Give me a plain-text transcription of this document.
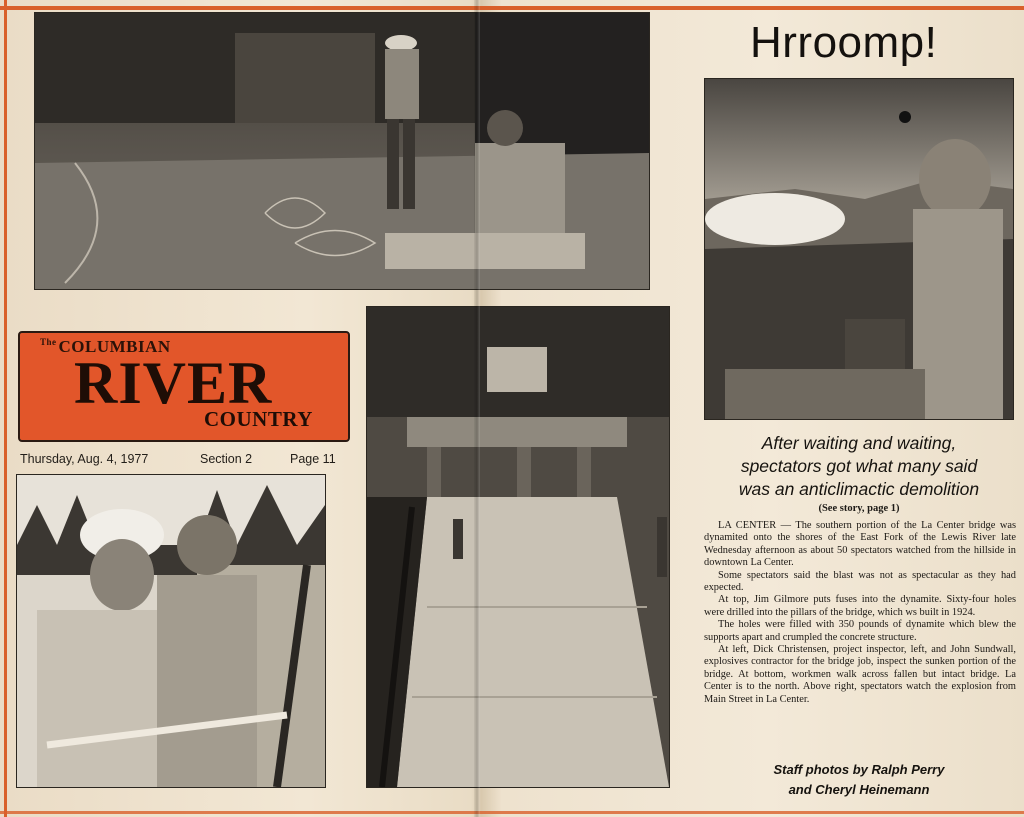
$^{The}$ COLUMBIAN
RIVER
COUNTRY
Thursday, Aug. 4, 1977	Section 2	Page 11
Hrroomp!
After waiting and waiting,
spectators got what many said
was an anticlimactic demolition
(See story, page 1)

LA CENTER — The southern portion of the La Center bridge was dynamited onto the shores of the East Fork of the Lewis River late Wednesday afternoon as about 50 spectators watched from the hillside in downtown La Center.

Some spectators said the blast was not as spectacular as they had expected.

At top, Jim Gilmore puts fuses into the dynamite. Sixty-four holes were drilled into the pillars of the bridge, which ws built in 1924.

The holes were filled with 350 pounds of dynamite which blew the supports apart and crumpled the concrete structure.

At left, Dick Christensen, project inspector, left, and John Sundwall, explosives contractor for the bridge job, inspect the sunken portion of the bridge. At bottom, workmen walk across fallen but intact bridge. La Center is to the north. Above right, spectators watch the explosion from Main Street in La Center.

Staff photos by Ralph Perry
and Cheryl Heinemann
